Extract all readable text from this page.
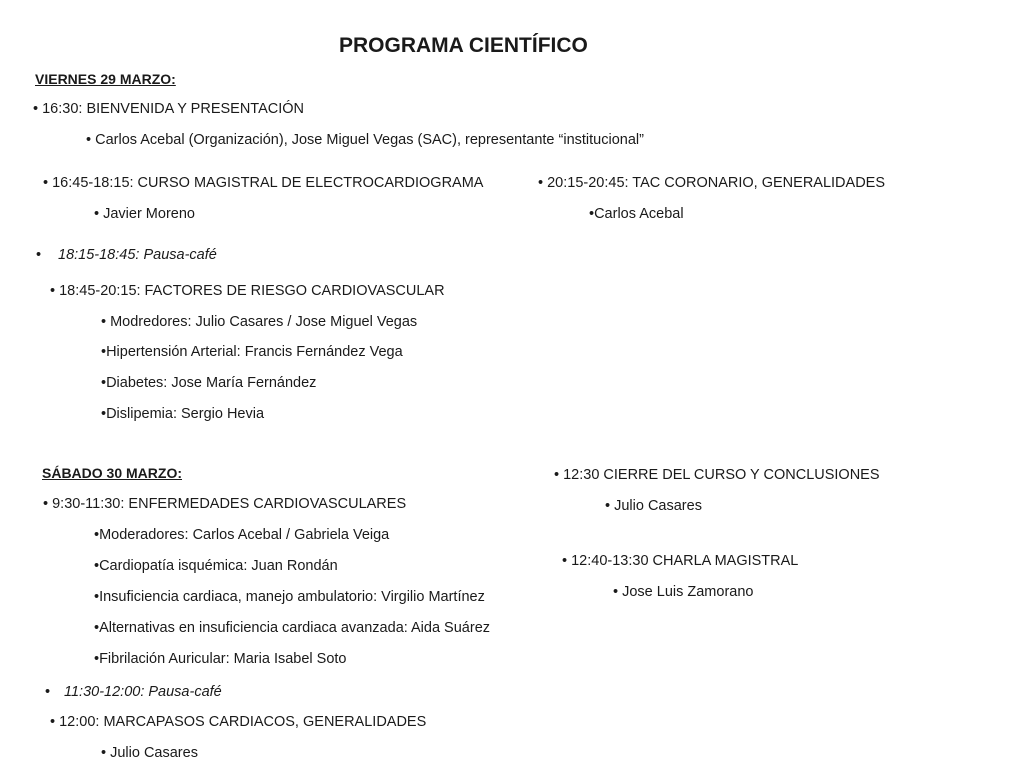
PROGRAMA CIENTÍFICO
VIERNES 29 MARZO:
• 16:30: BIENVENIDA Y PRESENTACIÓN
• Carlos Acebal (Organización), Jose Miguel Vegas (SAC), representante “institucional”
• 16:45-18:15: CURSO MAGISTRAL DE ELECTROCARDIOGRAMA
• Javier Moreno
• 20:15-20:45: TAC CORONARIO, GENERALIDADES
•Carlos Acebal
• 18:15-18:45: Pausa-café
• 18:45-20:15: FACTORES DE RIESGO CARDIOVASCULAR
• Modredores: Julio Casares / Jose Miguel Vegas
•Hipertensión Arterial: Francis Fernández Vega
•Diabetes: Jose María Fernández
•Dislipemia: Sergio Hevia
SÁBADO 30 MARZO:
• 9:30-11:30: ENFERMEDADES CARDIOVASCULARES
•Moderadores: Carlos Acebal / Gabriela Veiga
•Cardiopatía isquémica: Juan Rondán
•Insuficiencia cardiaca, manejo ambulatorio: Virgilio Martínez
•Alternativas en insuficiencia cardiaca avanzada: Aida Suárez
•Fibrilación Auricular: Maria Isabel Soto
• 11:30-12:00: Pausa-café
• 12:00: MARCAPASOS CARDIACOS, GENERALIDADES
• Julio Casares
• 12:30 CIERRE DEL CURSO Y CONCLUSIONES
• Julio Casares
• 12:40-13:30 CHARLA MAGISTRAL
• Jose Luis Zamorano
